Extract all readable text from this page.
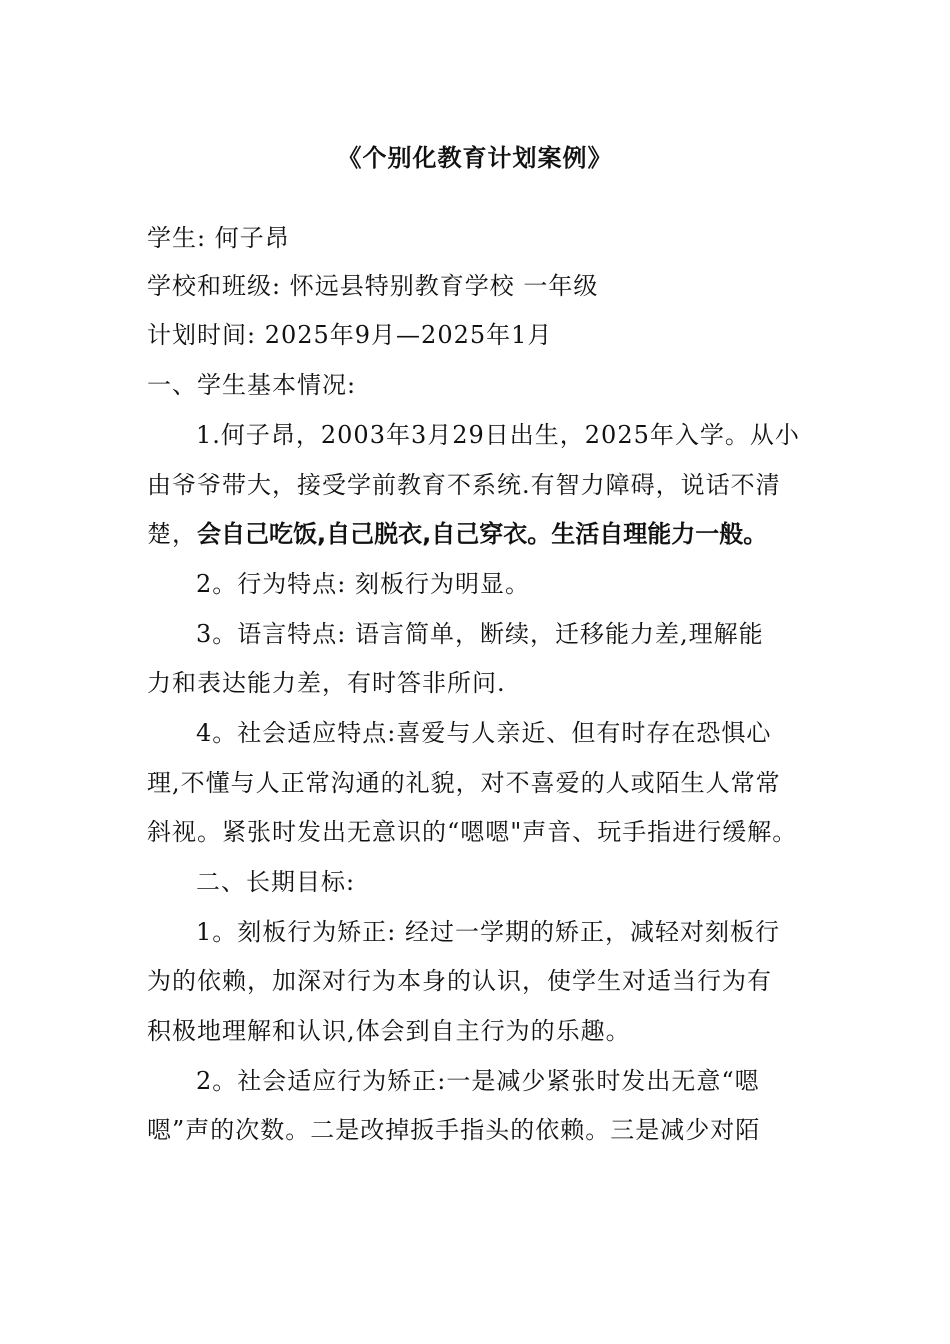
《个别化教育计划案例》
学生: 何子昂
学校和班级: 怀远县特别教育学校 一年级
计划时间: 2025年9月—2025年1月
一、学生基本情况:
1.何子昂，2003年3月29日出生，2025年入学。从小
由爷爷带大，接受学前教育不系统.有智力障碍，说话不清
楚，会自己吃饭,自己脱衣,自己穿衣。生活自理能力一般。
2。行为特点: 刻板行为明显。
3。语言特点: 语言简单，断续，迁移能力差,理解能
力和表达能力差，有时答非所问.
4。社会适应特点:喜爱与人亲近、但有时存在恐惧心
理,不懂与人正常沟通的礼貌，对不喜爱的人或陌生人常常
斜视。紧张时发出无意识的“嗯嗯"声音、玩手指进行缓解。
二、长期目标:
1。刻板行为矫正: 经过一学期的矫正，减轻对刻板行
为的依赖，加深对行为本身的认识，使学生对适当行为有
积极地理解和认识,体会到自主行为的乐趣。
2。社会适应行为矫正:一是减少紧张时发出无意“嗯
嗯”声的次数。二是改掉扳手指头的依赖。三是减少对陌
